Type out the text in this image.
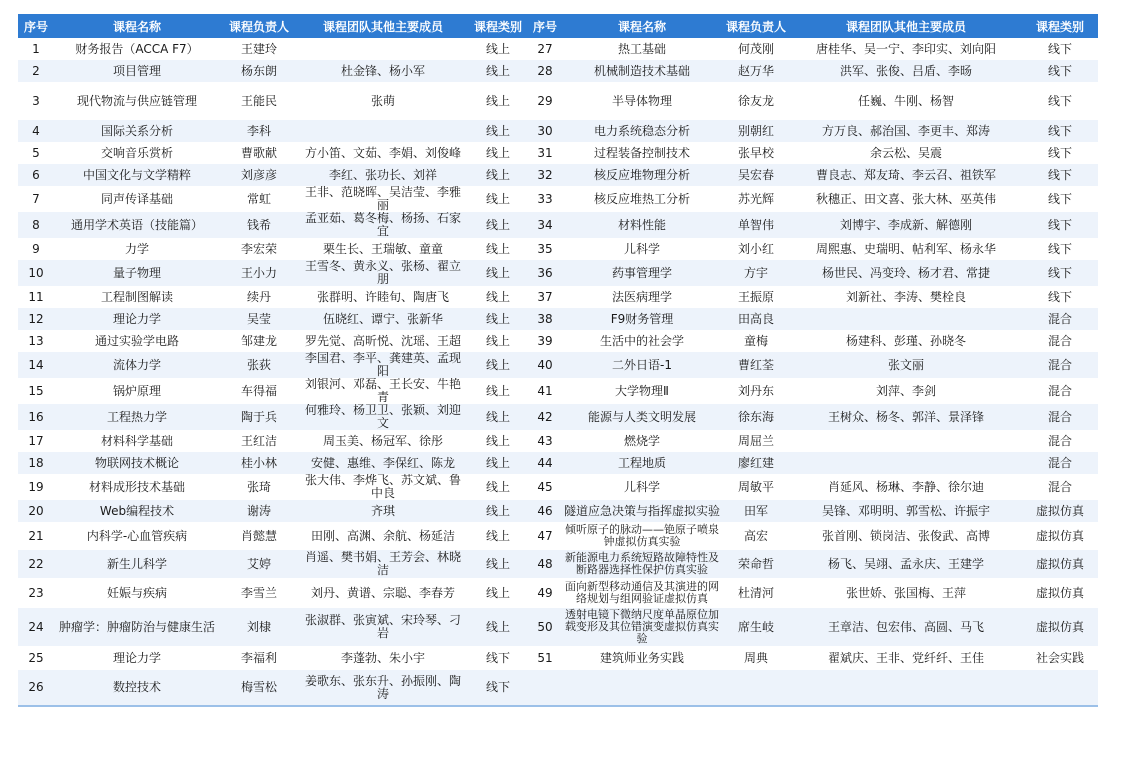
序号	课程名称	课程负责人	课程团队其他主要成员	课程类别	序号	课程名称	课程负责人	课程团队其他主要成员	课程类别
1	财务报告（ACCA F7）	王建玲		线上	27	热工基础	何茂刚	唐桂华、吴一宁、李印实、刘向阳	线下
2	项目管理	杨东朗	杜金锋、杨小军	线上	28	机械制造技术基础	赵万华	洪军、张俊、吕盾、李旸	线下
3	现代物流与供应链管理	王能民	张萌	线上	29	半导体物理	徐友龙	任巍、牛刚、杨智	线下
4	国际关系分析	李科		线上	30	电力系统稳态分析	别朝红	方万良、郝治国、李更丰、郑涛	线下
5	交响音乐赏析	曹歌献	方小笛、文茹、李娟、刘俊峰	线上	31	过程装备控制技术	张早校	余云松、吴震	线下
6	中国文化与文学精粹	刘彦彦	李红、张功长、刘祥	线上	32	核反应堆物理分析	吴宏春	曹良志、郑友琦、李云召、祖铁军	线下
7	同声传译基础	常虹	王非、范晓晖、吴洁莹、李雅丽	线上	33	核反应堆热工分析	苏光辉	秋穗正、田文喜、张大林、巫英伟	线下
8	通用学术英语（技能篇）	钱希	孟亚茹、葛冬梅、杨扬、石家宜	线上	34	材料性能	单智伟	刘博宇、李成新、解德刚	线下
9	力学	李宏荣	栗生长、王瑞敏、童童	线上	35	儿科学	刘小红	周熙惠、史瑞明、帖利军、杨永华	线下
10	量子物理	王小力	王雪冬、黄永义、张杨、翟立朋	线上	36	药事管理学	方宇	杨世民、冯变玲、杨才君、常捷	线下
11	工程制图解读	续丹	张群明、许睦旬、陶唐飞	线上	37	法医病理学	王振原	刘新社、李涛、樊栓良	线下
12	理论力学	吴莹	伍晓红、谭宁、张新华	线上	38	F9财务管理	田高良		混合
13	通过实验学电路	邹建龙	罗先觉、高昕悦、沈瑶、王超	线上	39	生活中的社会学	童梅	杨建科、彭瑾、孙晓冬	混合
14	流体力学	张荻	李国君、李平、龚建英、孟现阳	线上	40	二外日语-1	曹红荃	张文丽	混合
15	锅炉原理	车得福	刘银河、邓磊、王长安、牛艳青	线上	41	大学物理Ⅱ	刘丹东	刘萍、李剑	混合
16	工程热力学	陶于兵	何雅玲、杨卫卫、张颖、刘迎文	线上	42	能源与人类文明发展	徐东海	王树众、杨冬、郭洋、景泽锋	混合
17	材料科学基础	王红洁	周玉美、杨冠军、徐彤	线上	43	燃烧学	周屈兰		混合
18	物联网技术概论	桂小林	安健、惠维、李保红、陈龙	线上	44	工程地质	廖红建		混合
19	材料成形技术基础	张琦	张大伟、李烨飞、苏文斌、鲁中良	线上	45	儿科学	周敏平	肖延风、杨琳、李静、徐尔迪	混合
20	Web编程技术	谢涛	齐琪	线上	46	隧道应急决策与指挥虚拟实验	田军	吴锋、邓明明、郭雪松、许振宇	虚拟仿真
21	内科学-心血管疾病	肖懿慧	田刚、高渊、余航、杨延洁	线上	47	倾听原子的脉动——铯原子喷泉钟虚拟仿真实验	高宏	张首刚、锁岗洁、张俊武、高博	虚拟仿真
22	新生儿科学	艾婷	肖遥、樊书娟、王芳会、林晓洁	线上	48	新能源电力系统短路故障特性及断路器选择性保护仿真实验	荣命哲	杨飞、吴翊、孟永庆、王建学	虚拟仿真
23	妊娠与疾病	李雪兰	刘丹、黄谱、宗聪、李春芳	线上	49	面向新型移动通信及其演进的网络规划与组网验证虚拟仿真	杜清河	张世娇、张国梅、王萍	虚拟仿真
24	肿瘤学：肿瘤防治与健康生活	刘棣	张淑群、张寅斌、宋玲琴、刁岩	线上	50	透射电镜下微纳尺度单晶原位加载变形及其位错演变虚拟仿真实验	席生岐	王章洁、包宏伟、高圆、马飞	虚拟仿真
25	理论力学	李福利	李蓬勃、朱小宇	线下	51	建筑师业务实践	周典	翟斌庆、王非、党纤纤、王佳	社会实践
26	数控技术	梅雪松	姜歌东、张东升、孙振刚、陶涛	线下					
